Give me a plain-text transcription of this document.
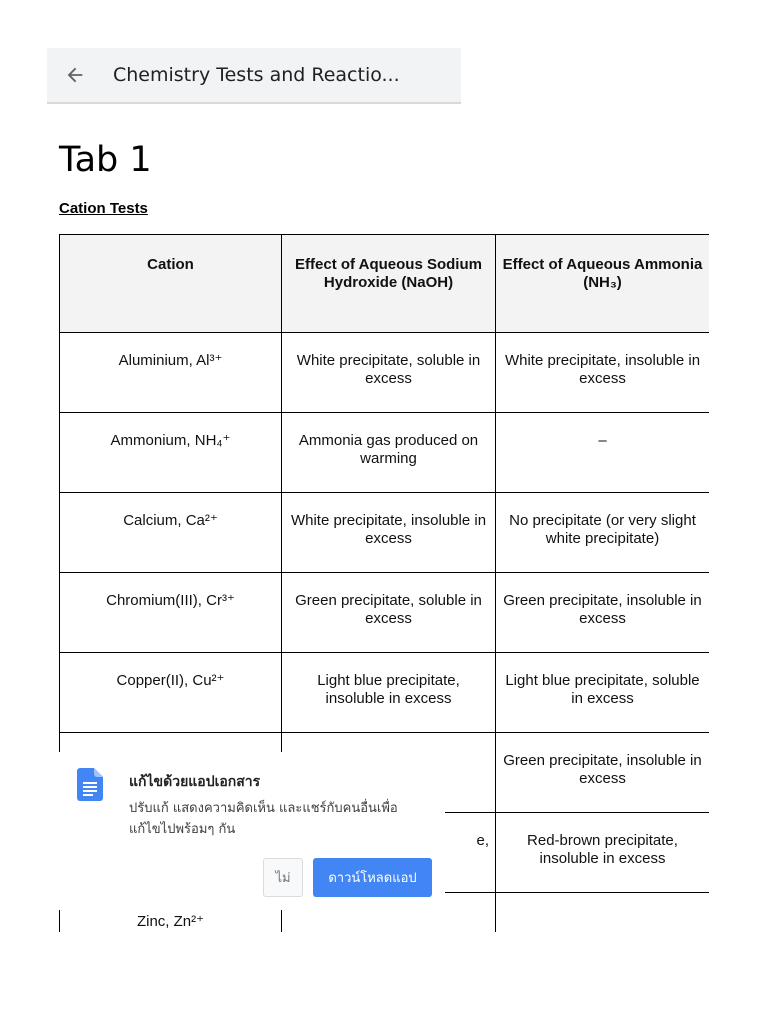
Chemistry Tests and Reactio...
Tab 1
Cation Tests
Cation	Effect of Aqueous Sodium Hydroxide (NaOH)	Effect of Aqueous Ammonia (NH₃)
Aluminium, Al³⁺	White precipitate, soluble in excess	White precipitate, insoluble in excess
Ammonium, NH₄⁺	Ammonia gas produced on warming	–
Calcium, Ca²⁺	White precipitate, insoluble in excess	No precipitate (or very slight white precipitate)
Chromium(III), Cr³⁺	Green precipitate, soluble in excess	Green precipitate, insoluble in excess
Copper(II), Cu²⁺	Light blue precipitate, insoluble in excess	Light blue precipitate, soluble in excess
		Green precipitate, insoluble in excess
	e,	Red-brown precipitate, insoluble in excess
Zinc, Zn²⁺		
แก้ไขด้วยแอปเอกสาร
ปรับแก้ แสดงความคิดเห็น และแชร์กับคนอื่นเพื่อแก้ไขไปพร้อมๆ กัน
ไม่	ดาวน์โหลดแอป
